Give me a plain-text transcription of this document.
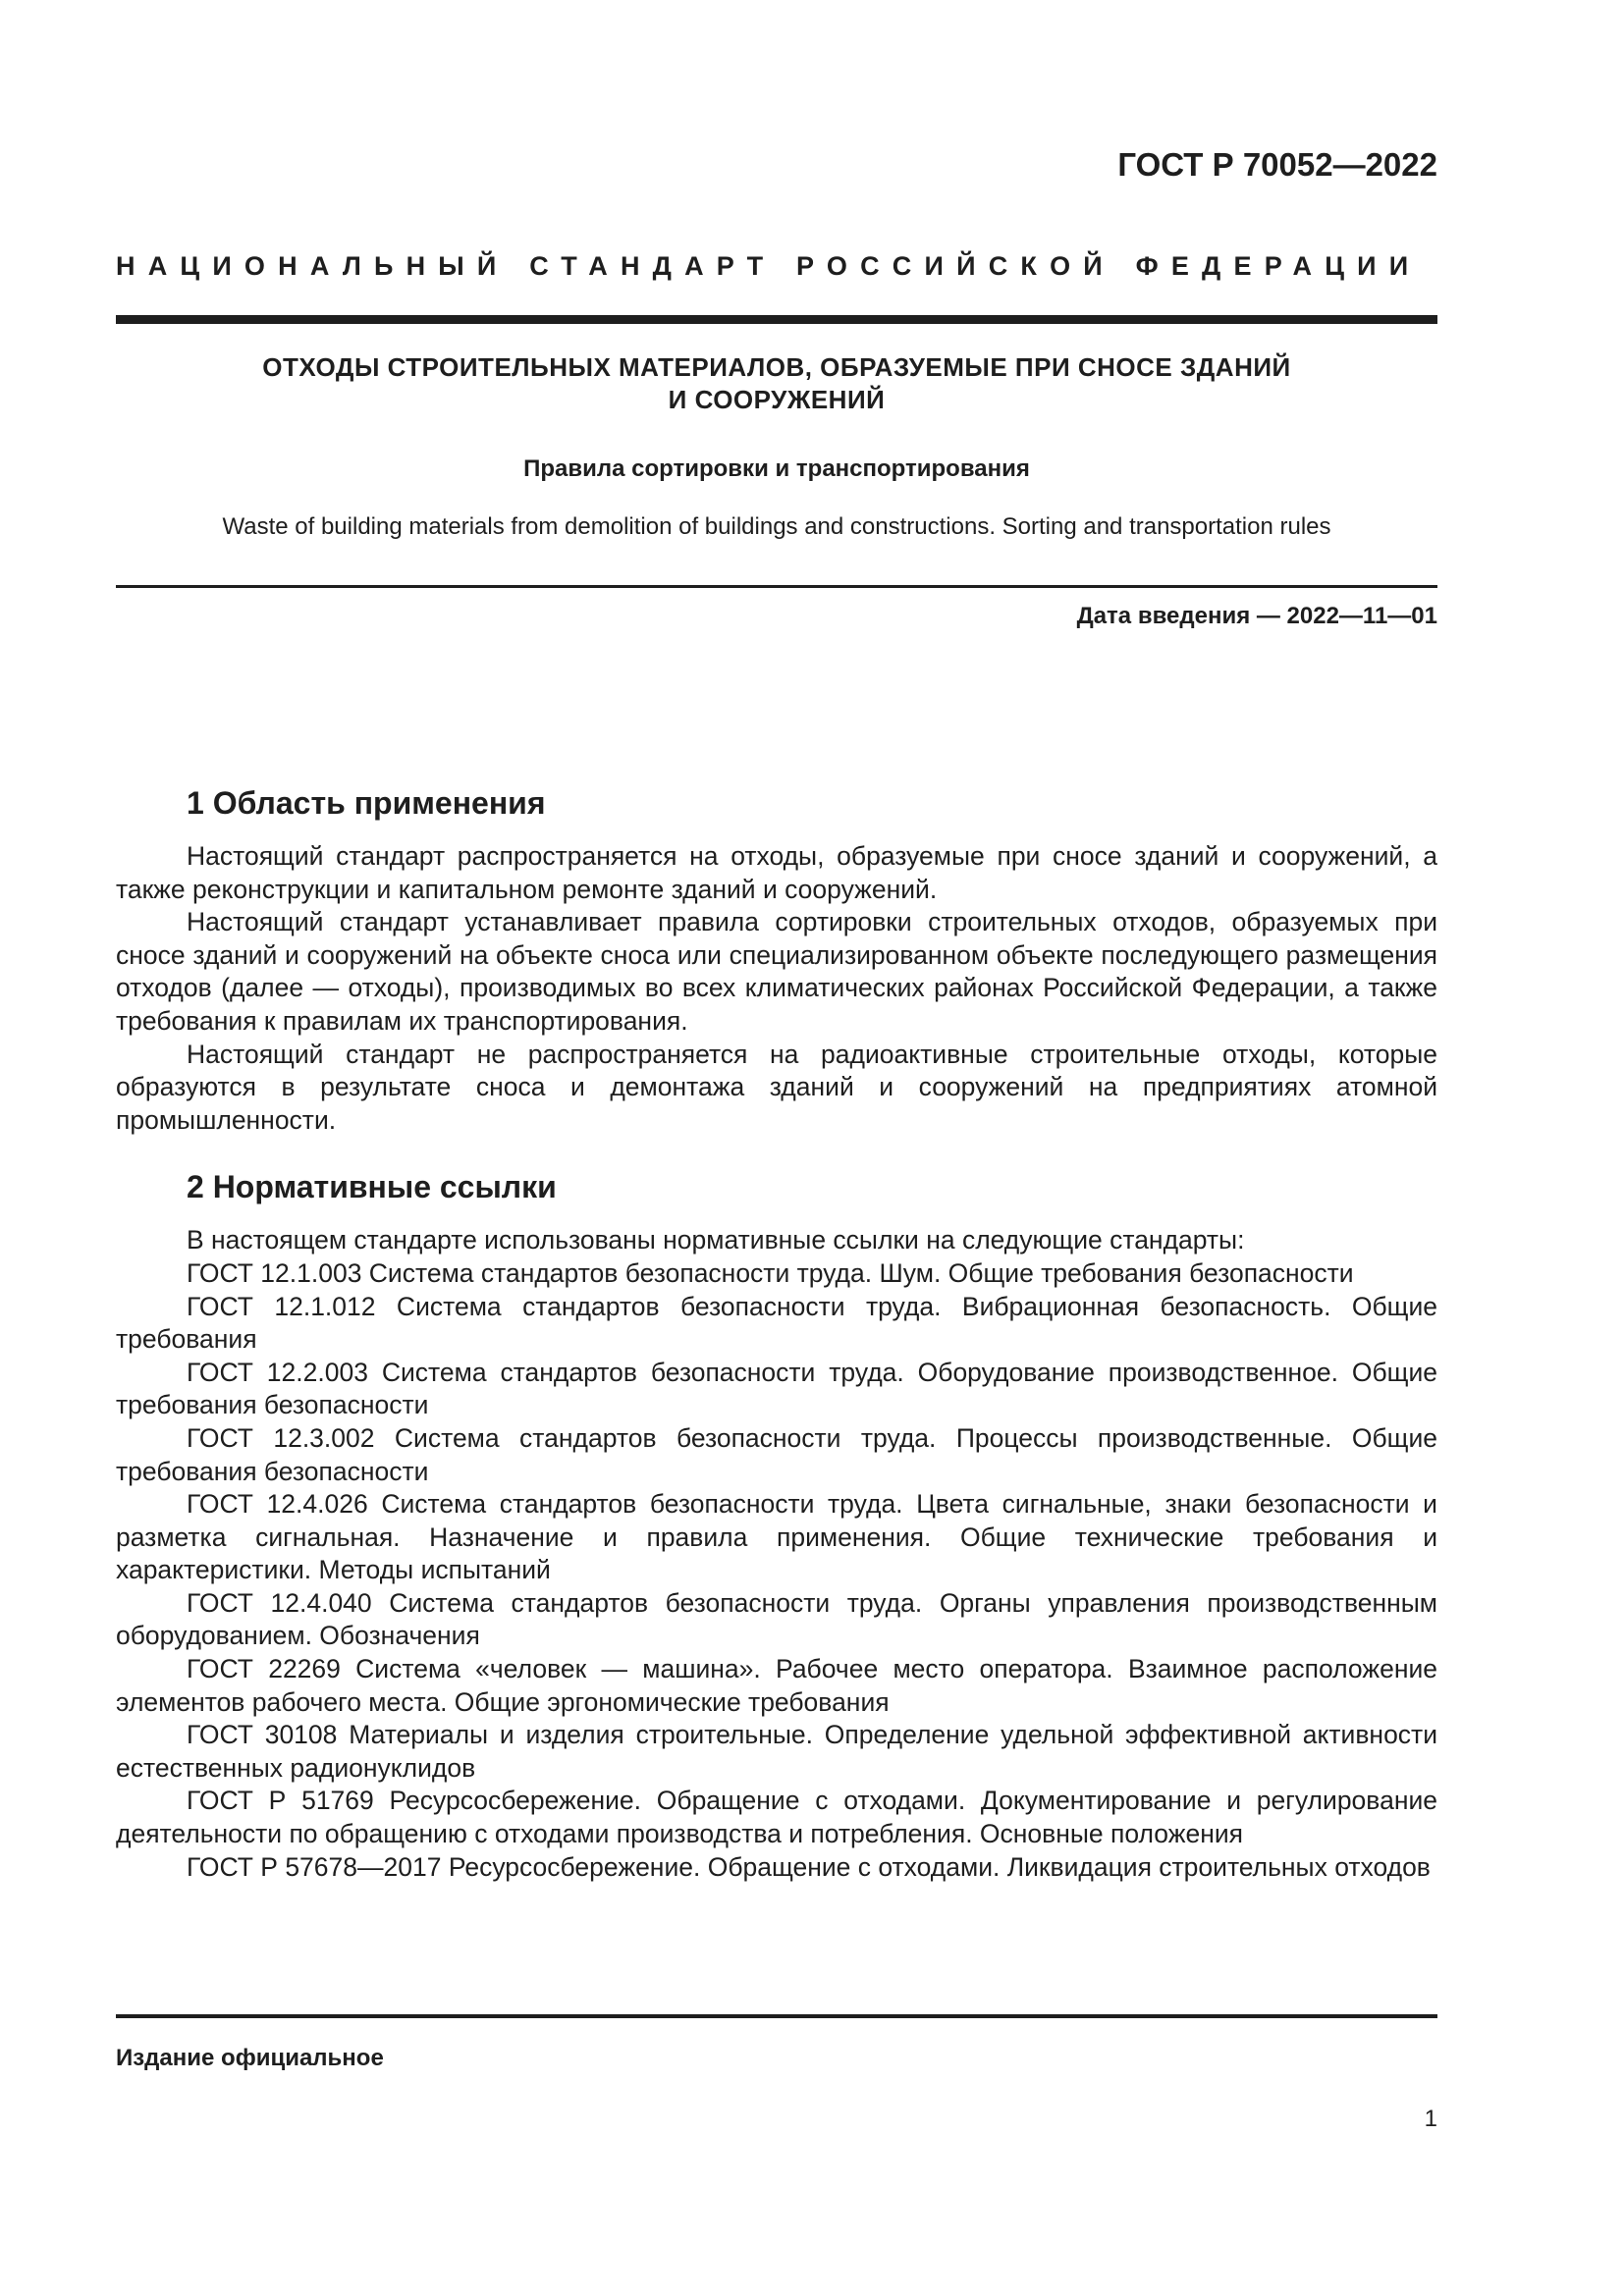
ГОСТ Р 70052—2022

НАЦИОНАЛЬНЫЙ СТАНДАРТ РОССИЙСКОЙ ФЕДЕРАЦИИ

ОТХОДЫ СТРОИТЕЛЬНЫХ МАТЕРИАЛОВ, ОБРАЗУЕМЫЕ ПРИ СНОСЕ ЗДАНИЙ
И СООРУЖЕНИЙ

Правила сортировки и транспортирования

Waste of building materials from demolition of buildings and constructions. Sorting and transportation rules

Дата введения — 2022—11—01

1 Область применения

Настоящий стандарт распространяется на отходы, образуемые при сносе зданий и сооружений, а также реконструкции и капитальном ремонте зданий и сооружений.

Настоящий стандарт устанавливает правила сортировки строительных отходов, образуемых при сносе зданий и сооружений на объекте сноса или специализированном объекте последующего размещения отходов (далее — отходы), производимых во всех климатических районах Российской Федерации, а также требования к правилам их транспортирования.

Настоящий стандарт не распространяется на радиоактивные строительные отходы, которые образуются в результате сноса и демонтажа зданий и сооружений на предприятиях атомной промышленности.

2 Нормативные ссылки

В настоящем стандарте использованы нормативные ссылки на следующие стандарты:

ГОСТ 12.1.003 Система стандартов безопасности труда. Шум. Общие требования безопасности

ГОСТ 12.1.012 Система стандартов безопасности труда. Вибрационная безопасность. Общие требования

ГОСТ 12.2.003 Система стандартов безопасности труда. Оборудование производственное. Общие требования безопасности

ГОСТ 12.3.002 Система стандартов безопасности труда. Процессы производственные. Общие требования безопасности

ГОСТ 12.4.026 Система стандартов безопасности труда. Цвета сигнальные, знаки безопасности и разметка сигнальная. Назначение и правила применения. Общие технические требования и характеристики. Методы испытаний

ГОСТ 12.4.040 Система стандартов безопасности труда. Органы управления производственным оборудованием. Обозначения

ГОСТ 22269 Система «человек — машина». Рабочее место оператора. Взаимное расположение элементов рабочего места. Общие эргономические требования

ГОСТ 30108 Материалы и изделия строительные. Определение удельной эффективной активности естественных радионуклидов

ГОСТ Р 51769 Ресурсосбережение. Обращение с отходами. Документирование и регулирование деятельности по обращению с отходами производства и потребления. Основные положения

ГОСТ Р 57678—2017 Ресурсосбережение. Обращение с отходами. Ликвидация строительных отходов

Издание официальное

1
